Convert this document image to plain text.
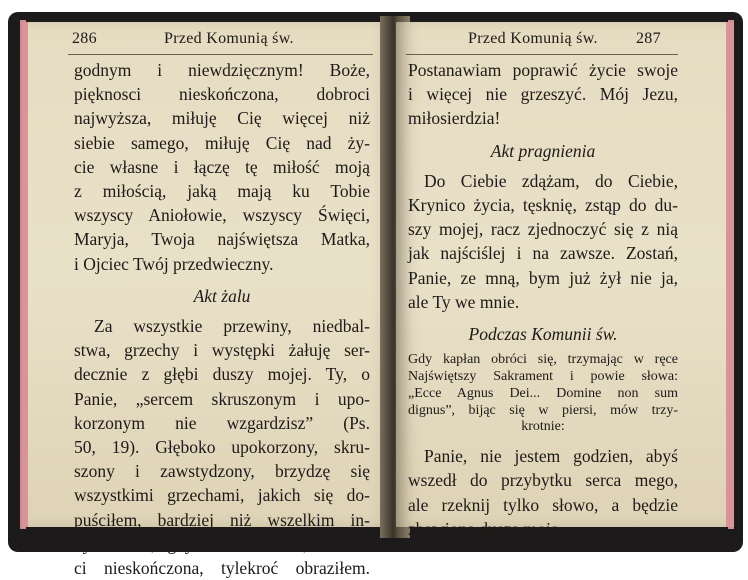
286	Przed Komunią św.
godnym i niewdzięcznym! Boże,
pięknosci nieskończona, dobroci
najwyższa, miłuję Cię więcej niż
siebie samego, miłuję Cię nad ży-
cie własne i łączę tę miłość moją
z miłością, jaką mają ku Tobie
wszyscy Aniołowie, wszyscy Święci,
Maryja, Twoja najświętsza Matka,
i Ojciec Twój przedwieczny.
Akt żalu
Za wszystkie przewiny, niedbal-
stwa, grzechy i występki żałuję ser-
decznie z głębi duszy mojej. Ty, o
Panie, „sercem skruszonym i upo-
korzonym nie wzgardzisz” (Ps.
50, 19). Głęboko upokorzony, skru-
szony i zawstydzony, brzydzę się
wszystkimi grzechami, jakich się do-
puściłem, bardziej niż wszelkim in-
nym złem, gdyż nimi Ciebie, Dobro-
ci nieskończona, tylekroć obraziłem.
Przed Komunią św. 287
Postanawiam poprawić życie swoje
i więcej nie grzeszyć. Mój Jezu,
miłosierdzia!
Akt pragnienia
Do Ciebie zdążam, do Ciebie,
Krynico życia, tęsknię, zstąp do du-
szy mojej, racz zjednoczyć się z nią
jak najściślej i na zawsze. Zostań,
Panie, ze mną, bym już żył nie ja,
ale Ty we mnie.
Podczas Komunii św.
Gdy kapłan obróci się, trzymając w ręce
Najświętszy Sakrament i powie słowa:
„Ecce Agnus Dei... Domine non sum
dignus”, bijąc się w piersi, mów trzy-
krotnie:
Panie, nie jestem godzien, abyś
wszedł do przybytku serca mego,
ale rzeknij tylko słowo, a będzie
zbawiona dusza moja.
